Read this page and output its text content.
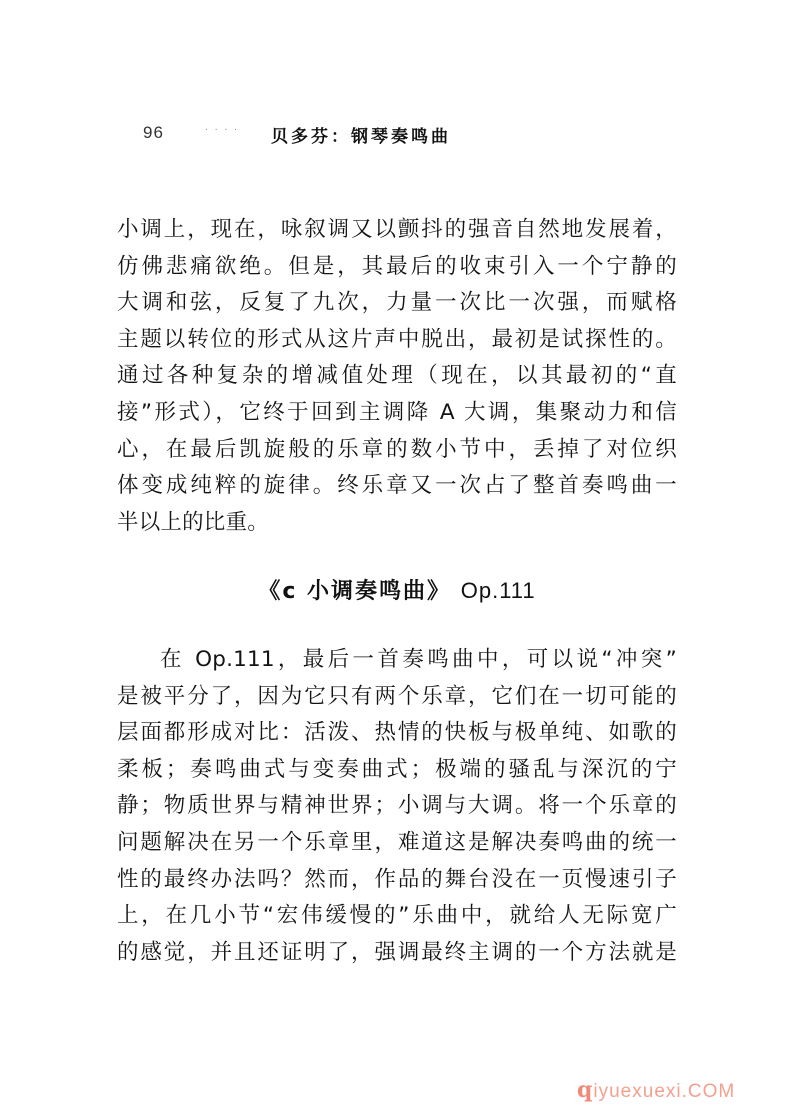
96	. . . . 贝多芬：钢琴奏鸣曲
小调上，现在，咏叙调又以颤抖的强音自然地发展着，
仿佛悲痛欲绝。但是，其最后的收束引入一个宁静的
大调和弦，反复了九次，力量一次比一次强，而赋格
主题以转位的形式从这片声中脱出，最初是试探性的。
通过各种复杂的增减值处理（现在，以其最初的“直
接”形式），它终于回到主调降 A 大调，集聚动力和信
心，在最后凯旋般的乐章的数小节中，丢掉了对位织
体变成纯粹的旋律。终乐章又一次占了整首奏鸣曲一
半以上的比重。
《c 小调奏鸣曲》 Op.111
在 Op.111，最后一首奏鸣曲中，可以说“冲突”
是被平分了，因为它只有两个乐章，它们在一切可能的
层面都形成对比：活泼、热情的快板与极单纯、如歌的
柔板；奏鸣曲式与变奏曲式；极端的骚乱与深沉的宁
静；物质世界与精神世界；小调与大调。将一个乐章的
问题解决在另一个乐章里，难道这是解决奏鸣曲的统一
性的最终办法吗？然而，作品的舞台没在一页慢速引子
上，在几小节“宏伟缓慢的”乐曲中，就给人无际宽广
的感觉，并且还证明了，强调最终主调的一个方法就是
qiyuexuexi.COM
